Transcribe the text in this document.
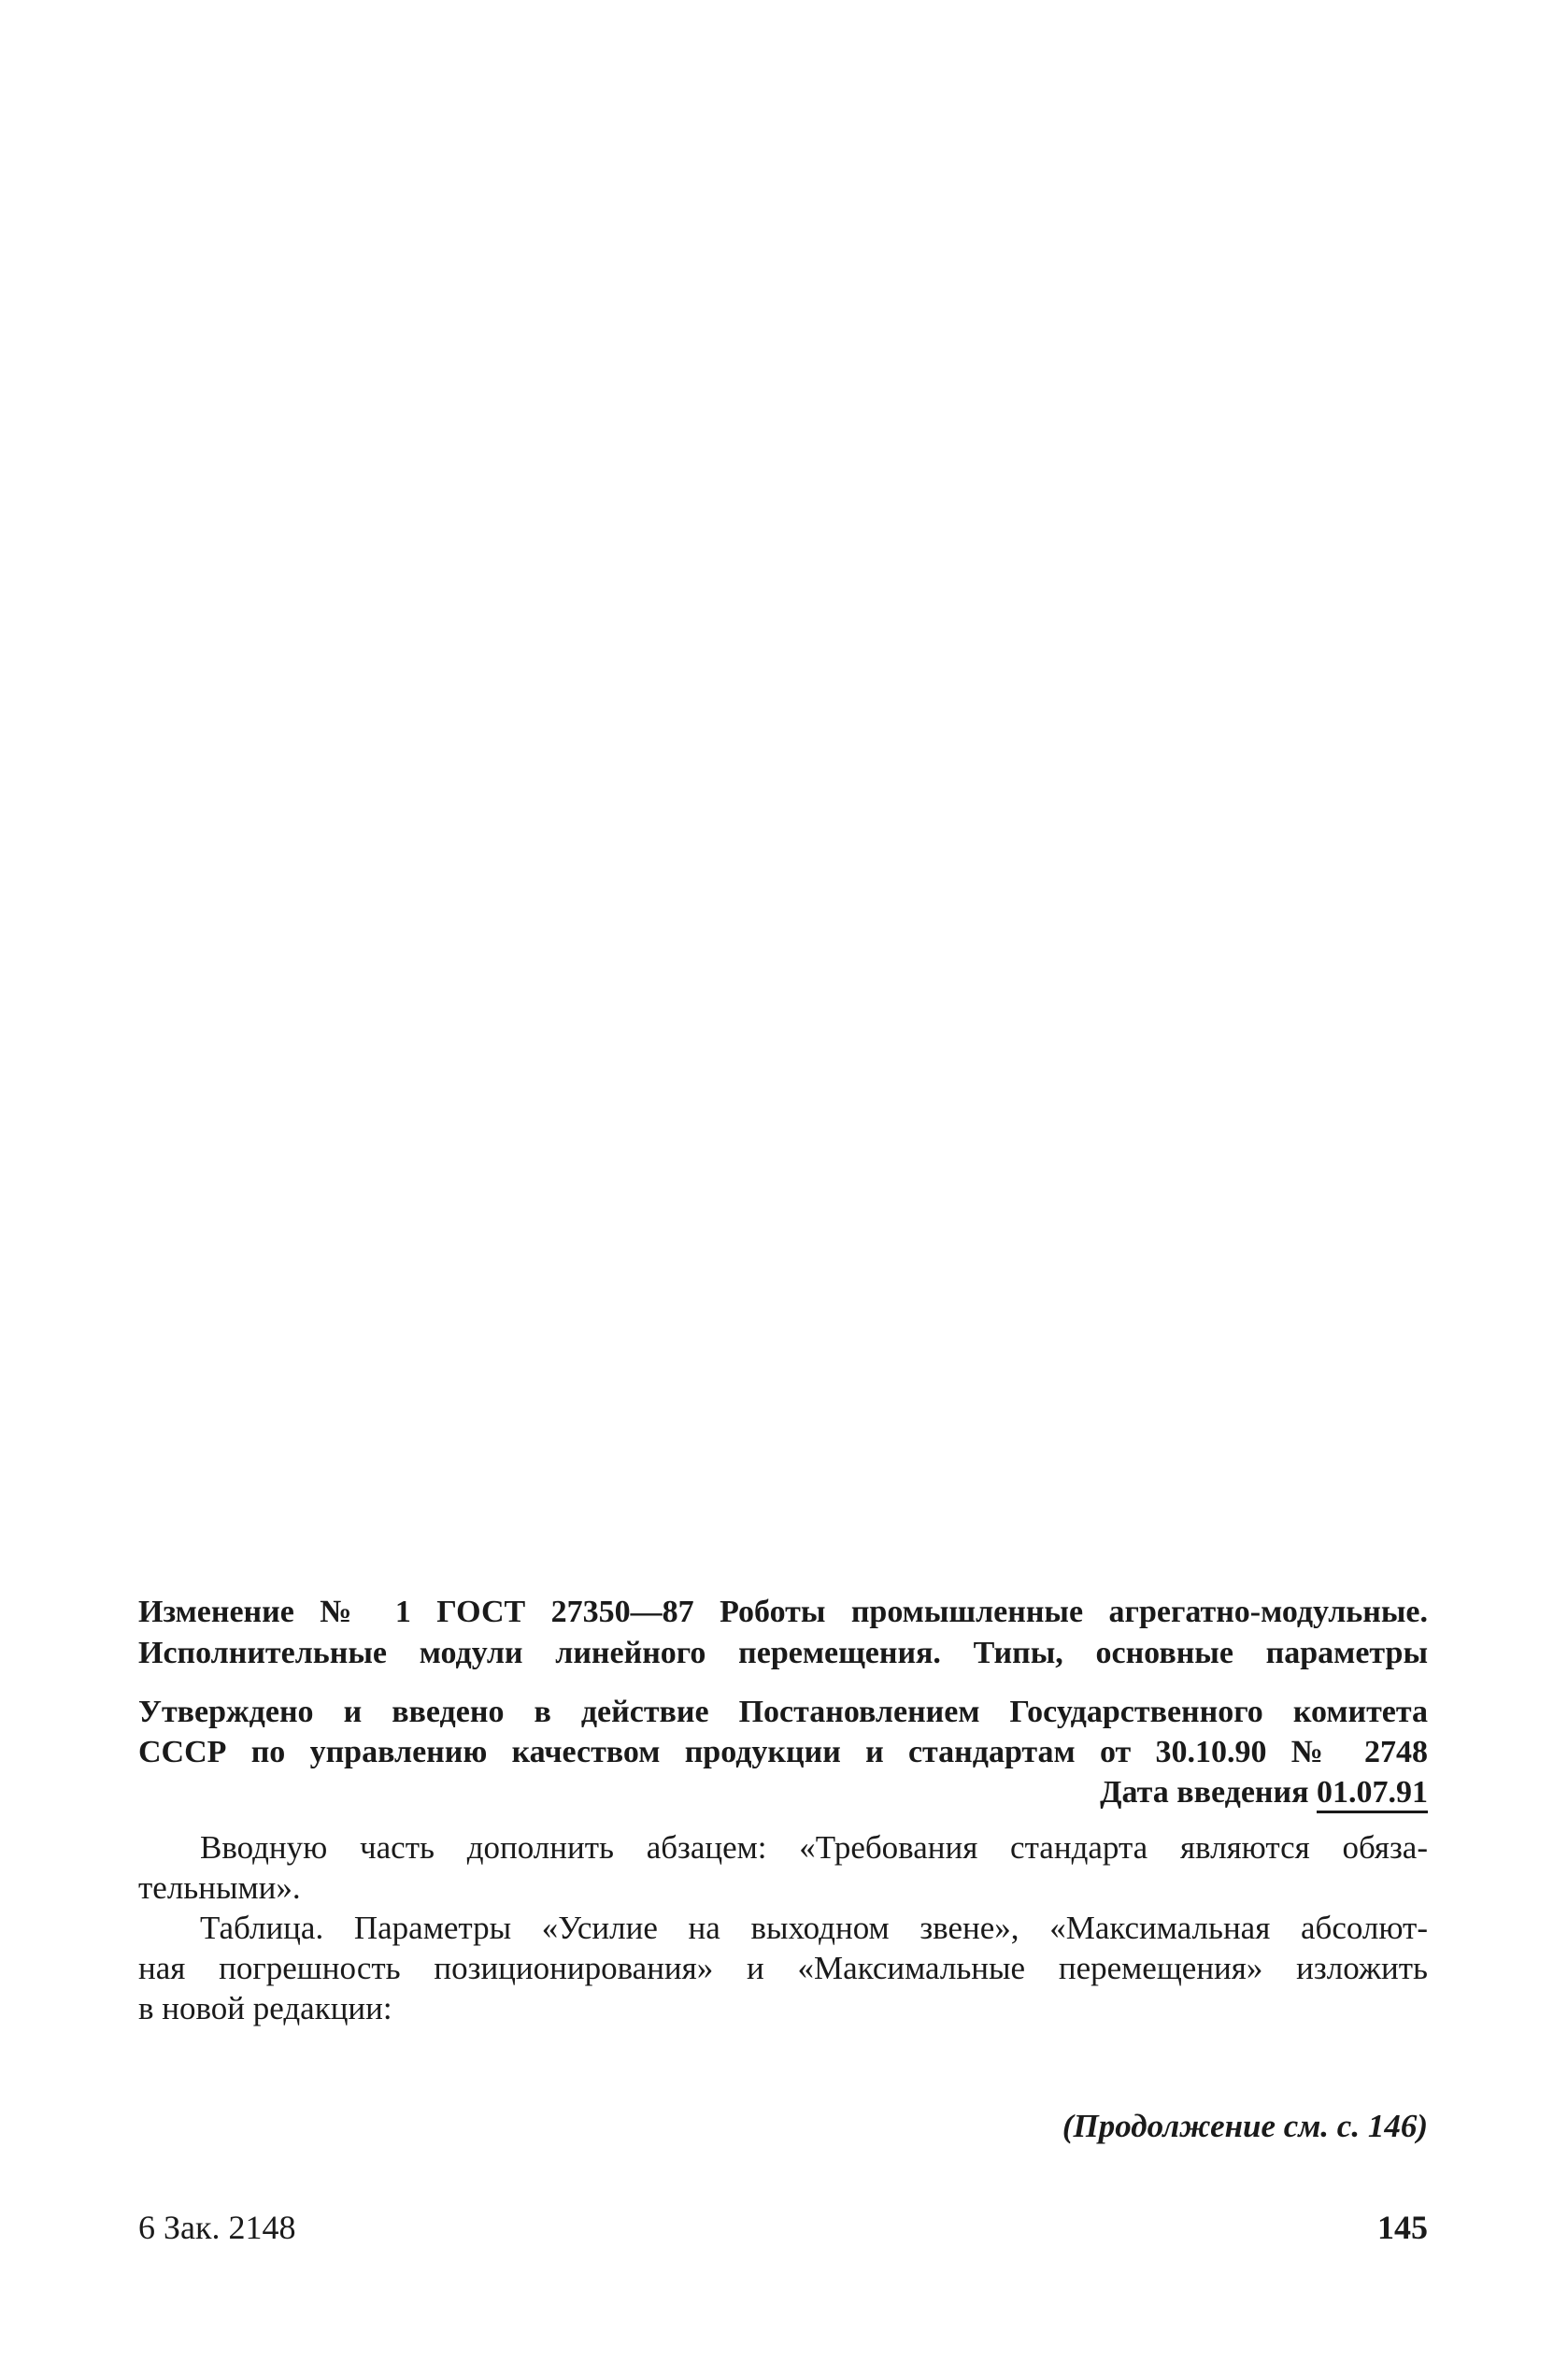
Изменение № 1 ГОСТ 27350—87 Роботы промышленные агрегатно-модульные.
Исполнительные модули линейного перемещения. Типы, основные параметры
Утверждено и введено в действие Постановлением Государственного комитета
СССР по управлению качеством продукции и стандартам от 30.10.90 № 2748
Дата введения 01.07.91
Вводную часть дополнить абзацем: «Требования стандарта являются обяза-
тельными».
Таблица. Параметры «Усилие на выходном звене», «Максимальная абсолют-
ная погрешность позиционирования» и «Максимальные перемещения» изложить
в новой редакции:
(Продолжение см. с. 146)
6 Зак. 2148	145
